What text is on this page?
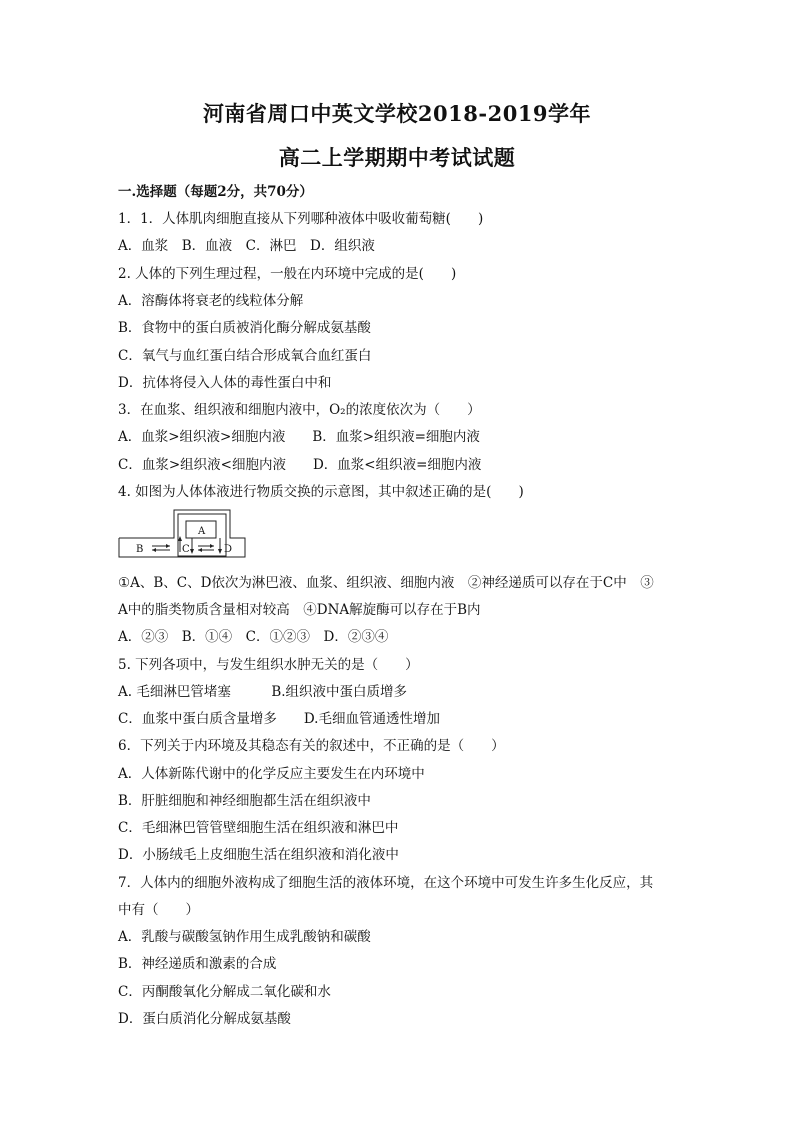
河南省周口中英文学校2018-2019学年
高二上学期期中考试试题
一.选择题（每题2分，共70分）
1．1．人体肌肉细胞直接从下列哪种液体中吸收葡萄糖(　　)
A．血浆　B．血液　C．淋巴　D．组织液
2. 人体的下列生理过程，一般在内环境中完成的是(　　)
A．溶酶体将衰老的线粒体分解
B．食物中的蛋白质被消化酶分解成氨基酸
C．氧气与血红蛋白结合形成氧合血红蛋白
D．抗体将侵入人体的毒性蛋白中和
3．在血浆、组织液和细胞内液中，O₂的浓度依次为（　　）
A．血浆>组织液>细胞内液　　B．血浆>组织液=细胞内液
C．血浆>组织液<细胞内液　　D．血浆<组织液=细胞内液
4. 如图为人体体液进行物质交换的示意图，其中叙述正确的是(　　)
A
B	C	D
①A、B、C、D依次为淋巴液、血浆、组织液、细胞内液　②神经递质可以存在于C中　③
A中的脂类物质含量相对较高　④DNA解旋酶可以存在于B内
A．②③　B．①④　C．①②③　D．②③④
5. 下列各项中，与发生组织水肿无关的是（　　）
A. 毛细淋巴管堵塞　　　B.组织液中蛋白质增多
C．血浆中蛋白质含量增多　　D.毛细血管通透性增加
6．下列关于内环境及其稳态有关的叙述中，不正确的是（　　）
A．人体新陈代谢中的化学反应主要发生在内环境中
B．肝脏细胞和神经细胞都生活在组织液中
C．毛细淋巴管管壁细胞生活在组织液和淋巴中
D．小肠绒毛上皮细胞生活在组织液和消化液中
7．人体内的细胞外液构成了细胞生活的液体环境，在这个环境中可发生许多生化反应，其
中有（　　）
A．乳酸与碳酸氢钠作用生成乳酸钠和碳酸
B．神经递质和激素的合成
C．丙酮酸氧化分解成二氧化碳和水
D．蛋白质消化分解成氨基酸
